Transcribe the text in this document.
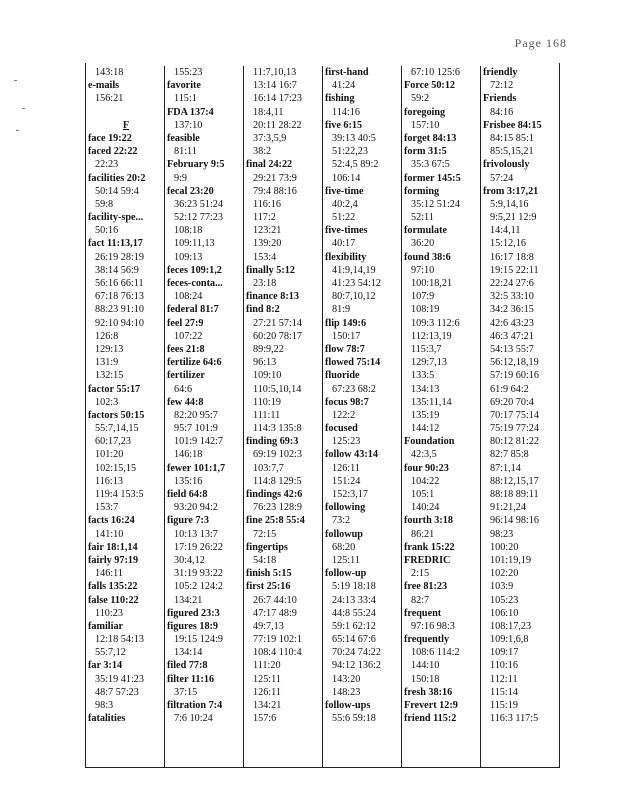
Page 168
143:18
e-mails
156:21
F
face 19:22
faced 22:22
22:23
facilities 20:2
50:14 59:4
59:8
facility-spe...
50:16
fact 11:13,17
26:19 28:19
38:14 56:9
56:16 66:11
67:18 76:13
88:23 91:10
92:10 94:10
126:8
129:13
131:9
132:15
factor 55:17
102:3
factors 50:15
55:7,14,15
60:17,23
101:20
102:15,15
116:13
119:4 153:5
153:7
facts 16:24
141:10
fair 18:1,14
fairly 97:19
146:11
falls 135:22
false 110:22
110:23
familiar
12:18 54:13
55:7,12
far 3:14
35:19 41:23
48:7 57:23
98:3
fatalities
155:23
favorite
115:1
FDA 137:4
137:10
feasible
81:11
February 9:5
9:9
fecal 23:20
36:23 51:24
52:12 77:23
108:18
109:11,13
109:13
feces 109:1,2
feces-conta...
108:24
federal 81:7
feel 27:9
107:22
fees 21:8
fertilize 64:6
fertilizer
64:6
few 44:8
82:20 95:7
95:7 101:9
101:9 142:7
146:18
fewer 101:1,7
135:16
field 64:8
93:20 94:2
figure 7:3
10:13 13:7
17:19 26:22
30:4,12
31:19 93:22
105:2 124:2
134:21
figured 23:3
figures 18:9
19:15 124:9
134:14
filed 77:8
filter 11:16
37:15
filtration 7:4
7:6 10:24
11:7,10,13
13:14 16:7
16:14 17:23
18:4,11
20:11 28:22
37:3,5,9
38:2
final 24:22
29:21 73:9
79:4 88:16
116:16
117:2
123:21
139:20
153:4
finally 5:12
23:18
finance 8:13
find 8:2
27:21 57:14
60:20 78:17
89:9,22
96:13
109:10
110:5,10,14
110:19
111:11
114:3 135:8
finding 69:3
69:19 102:3
103:7,7
114:8 129:5
findings 42:6
76:23 128:9
fine 25:8 55:4
72:15
fingertips
54:18
finish 5:15
first 25:16
26:7 44:10
47:17 48:9
49:7,13
77:19 102:1
108:4 110:4
111:20
125:11
126:11
134:21
157:6
first-hand
41:24
fishing
114:16
five 6:15
39:13 40:5
51:22,23
52:4,5 89:2
106:14
five-time
40:2,4
51:22
five-times
40:17
flexibility
41:9,14,19
41:23 54:12
80:7,10,12
81:9
flip 149:6
150:17
flow 78:7
flowed 75:14
fluoride
67:23 68:2
focus 98:7
122:2
focused
125:23
follow 43:14
126:11
151:24
152:3,17
following
73:2
followup
68:20
125:11
follow-up
5:19 18:18
24:13 33:4
44:8 55:24
59:1 62:12
65:14 67:6
70:24 74:22
94:12 136:2
143:20
148:23
follow-ups
55:6 59:18
67:10 125:6
Force 50:12
59:2
foregoing
157:10
forget 84:13
form 31:5
35:3 67:5
former 145:5
forming
35:12 51:24
52:11
formulate
36:20
found 38:6
97:10
100:18,21
107:9
108:19
109:3 112:6
112:13,19
115:3,7
129:7,13
133:5
134:13
135:11,14
135:19
144:12
Foundation
42:3,5
four 90:23
104:22
105:1
140:24
fourth 3:18
86:21
frank 15:22
FREDRIC
2:15
free 81:23
82:7
frequent
97:16 98:3
frequently
108:6 114:2
144:10
150:18
fresh 38:16
Frevert 12:9
friend 115:2
friendly
72:12
Friends
84:16
Frisbee 84:15
84:15 85:1
85:5,15,21
frivolously
57:24
from 3:17,21
5:9,14,16
9:5,21 12:9
14:4,11
15:12,16
16:17 18:8
19:15 22:11
22:24 27:6
32:5 33:10
34:2 36:15
42:6 43:23
46:3 47:21
54:13 55:7
56:12,18,19
57:19 60:16
61:9 64:2
69:20 70:4
70:17 75:14
75:19 77:24
80:12 81:22
82:7 85:8
87:1,14
88:12,15,17
88:18 89:11
91:21,24
96:14 98:16
98:23
100:20
101:19,19
102:20
103:9
105:23
106:10
108:17,23
109:1,6,8
109:17
110:16
112:11
115:14
115:19
116:3 117:5
